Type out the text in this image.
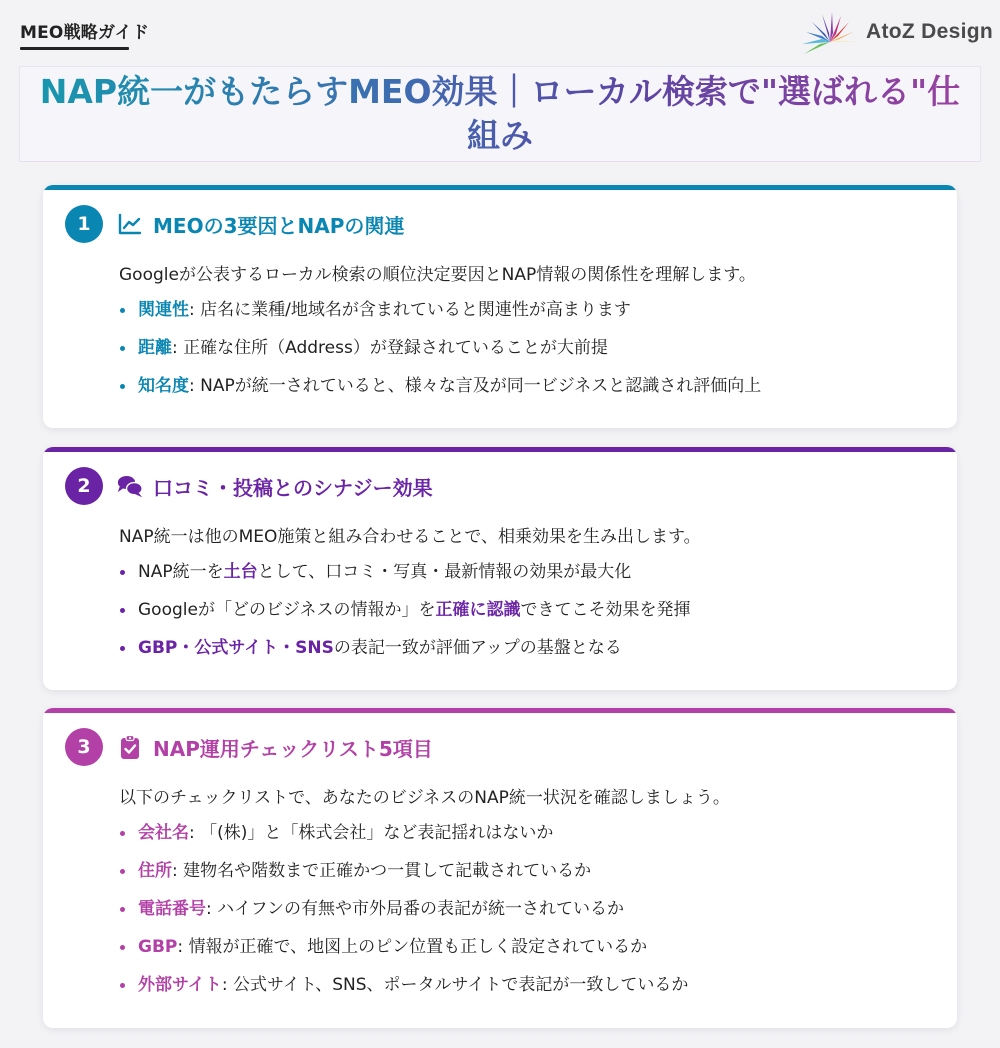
MEO戦略ガイド	AtoZ Design
NAP統一がもたらすMEO効果｜ローカル検索で"選ばれる"仕組み
1	MEOの3要因とNAPの関連

Googleが公表するローカル検索の順位決定要因とNAP情報の関係性を理解します。

関連性: 店名に業種/地域名が含まれていると関連性が高まります
距離: 正確な住所（Address）が登録されていることが大前提
知名度: NAPが統一されていると、様々な言及が同一ビジネスと認識され評価向上
2	口コミ・投稿とのシナジー効果

NAP統一は他のMEO施策と組み合わせることで、相乗効果を生み出します。

NAP統一を土台として、口コミ・写真・最新情報の効果が最大化
Googleが「どのビジネスの情報か」を正確に認識できてこそ効果を発揮
GBP・公式サイト・SNSの表記一致が評価アップの基盤となる
3	NAP運用チェックリスト5項目

以下のチェックリストで、あなたのビジネスのNAP統一状況を確認しましょう。

会社名: 「(株)」と「株式会社」など表記揺れはないか
住所: 建物名や階数まで正確かつ一貫して記載されているか
電話番号: ハイフンの有無や市外局番の表記が統一されているか
GBP: 情報が正確で、地図上のピン位置も正しく設定されているか
外部サイト: 公式サイト、SNS、ポータルサイトで表記が一致しているか
